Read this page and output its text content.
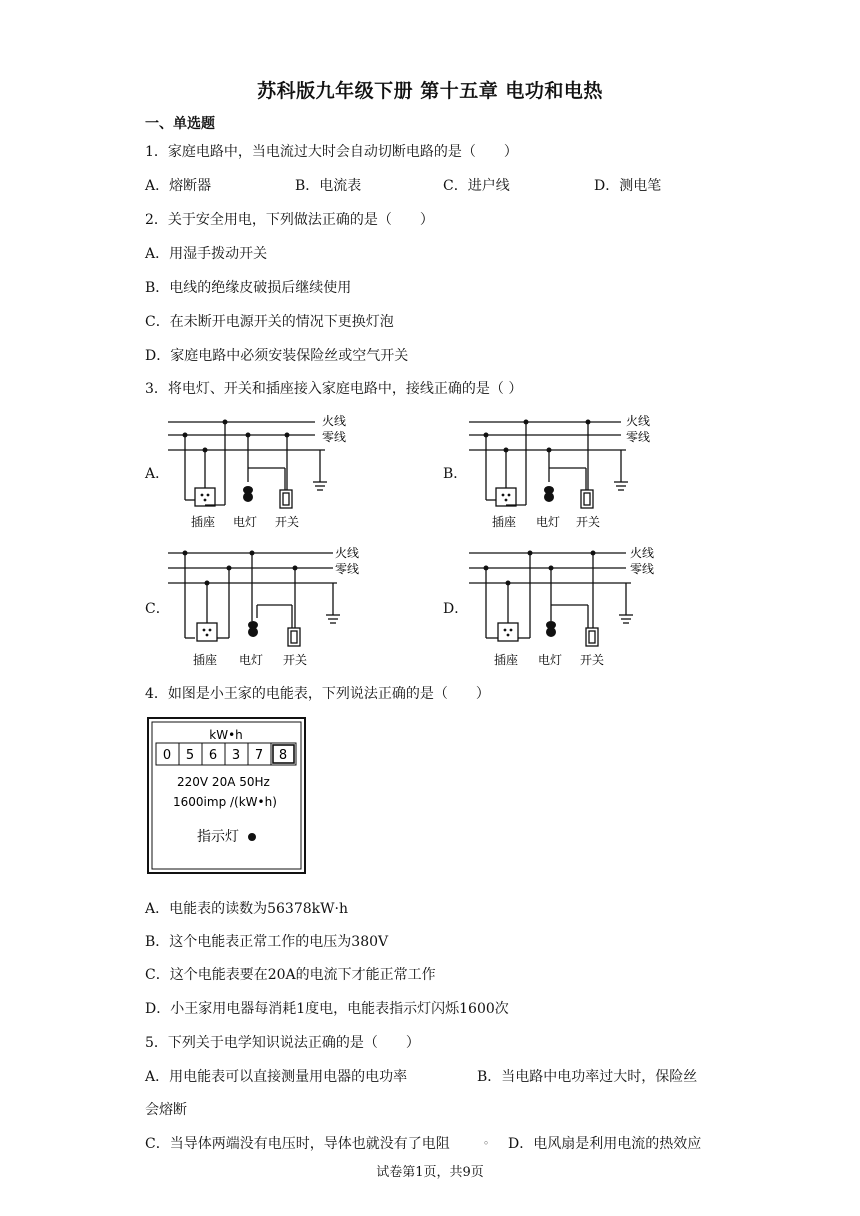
苏科版九年级下册 第十五章 电功和电热
一、单选题
1．家庭电路中，当电流过大时会自动切断电路的是（　　）
A．熔断器	B．电流表	C．进户线	D．测电笔
2．关于安全用电，下列做法正确的是（　　）
A．用湿手拨动开关
B．电线的绝缘皮破损后继续使用
C．在未断开电源开关的情况下更换灯泡
D．家庭电路中必须安装保险丝或空气开关
3．将电灯、开关和插座接入家庭电路中，接线正确的是（ ）
A．	B．
C．	D．
火线
零线
插座 电灯 开关
火线
零线
插座 电灯 开关
火线
零线
插座 电灯 开关
火线
零线
插座 电灯 开关
4．如图是小王家的电能表，下列说法正确的是（　　）
kW•h
0 5 6 3 7 8
220V 20A 50Hz
1600imp /(kW•h)
指示灯
A．电能表的读数为56378kW·h
B．这个电能表正常工作的电压为380V
C．这个电能表要在20A的电流下才能正常工作
D．小王家用电器每消耗1度电，电能表指示灯闪烁1600次
5．下列关于电学知识说法正确的是（　　）
A．用电能表可以直接测量用电器的电功率	B．当电路中电功率过大时，保险丝
会熔断
C．当导体两端没有电压时，导体也就没有了电阻	。 D．电风扇是利用电流的热效应
试卷第1页，共9页
